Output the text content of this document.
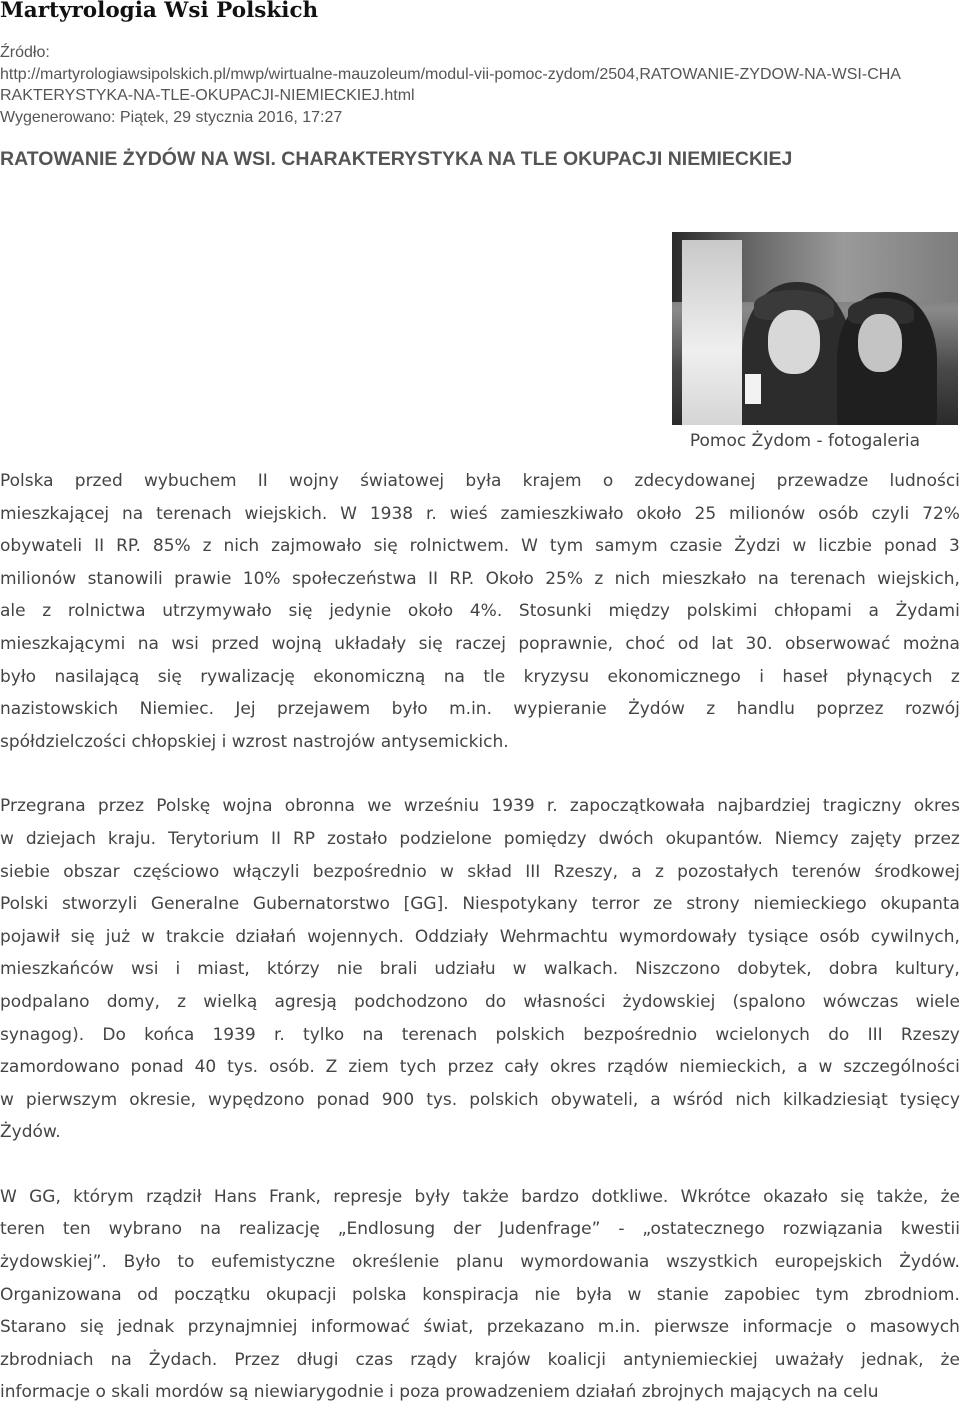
Martyrologia Wsi Polskich
Źródło:
http://martyrologiawsipolskich.pl/mwp/wirtualne-mauzoleum/modul-vii-pomoc-zydom/2504,RATOWANIE-ZYDOW-NA-WSI-CHA
RAKTERYSTYKA-NA-TLE-OKUPACJI-NIEMIECKIEJ.html
Wygenerowano: Piątek, 29 stycznia 2016, 17:27
RATOWANIE ŻYDÓW NA WSI. CHARAKTERYSTYKA NA TLE OKUPACJI NIEMIECKIEJ
Pomoc Żydom - fotogaleria
Polska przed wybuchem II wojny światowej była krajem o zdecydowanej przewadze ludności
mieszkającej na terenach wiejskich. W 1938 r. wieś zamieszkiwało około 25 milionów osób czyli 72%
obywateli II RP. 85% z nich zajmowało się rolnictwem. W tym samym czasie Żydzi w liczbie ponad 3
milionów stanowili prawie 10% społeczeństwa II RP. Około 25% z nich mieszkało na terenach wiejskich,
ale z rolnictwa utrzymywało się jedynie około 4%. Stosunki między polskimi chłopami a Żydami
mieszkającymi na wsi przed wojną układały się raczej poprawnie, choć od lat 30. obserwować można
było nasilającą się rywalizację ekonomiczną na tle kryzysu ekonomicznego i haseł płynących z
nazistowskich Niemiec. Jej przejawem było m.in. wypieranie Żydów z handlu poprzez rozwój
spółdzielczości chłopskiej i wzrost nastrojów antysemickich.
Przegrana przez Polskę wojna obronna we wrześniu 1939 r. zapoczątkowała najbardziej tragiczny okres
w dziejach kraju. Terytorium II RP zostało podzielone pomiędzy dwóch okupantów. Niemcy zajęty przez
siebie obszar częściowo włączyli bezpośrednio w skład III Rzeszy, a z pozostałych terenów środkowej
Polski stworzyli Generalne Gubernatorstwo [GG]. Niespotykany terror ze strony niemieckiego okupanta
pojawił się już w trakcie działań wojennych. Oddziały Wehrmachtu wymordowały tysiące osób cywilnych,
mieszkańców wsi i miast, którzy nie brali udziału w walkach. Niszczono dobytek, dobra kultury,
podpalano domy, z wielką agresją podchodzono do własności żydowskiej (spalono wówczas wiele
synagog). Do końca 1939 r. tylko na terenach polskich bezpośrednio wcielonych do III Rzeszy
zamordowano ponad 40 tys. osób. Z ziem tych przez cały okres rządów niemieckich, a w szczególności
w pierwszym okresie, wypędzono ponad 900 tys. polskich obywateli, a wśród nich kilkadziesiąt tysięcy
Żydów.
W GG, którym rządził Hans Frank, represje były także bardzo dotkliwe. Wkrótce okazało się także, że
teren ten wybrano na realizację „Endlosung der Judenfrage” - „ostatecznego rozwiązania kwestii
żydowskiej”. Było to eufemistyczne określenie planu wymordowania wszystkich europejskich Żydów.
Organizowana od początku okupacji polska konspiracja nie była w stanie zapobiec tym zbrodniom.
Starano się jednak przynajmniej informować świat, przekazano m.in. pierwsze informacje o masowych
zbrodniach na Żydach. Przez długi czas rządy krajów koalicji antyniemieckiej uważały jednak, że
informacje o skali mordów są niewiarygodnie i poza prowadzeniem działań zbrojnych mających na celu
